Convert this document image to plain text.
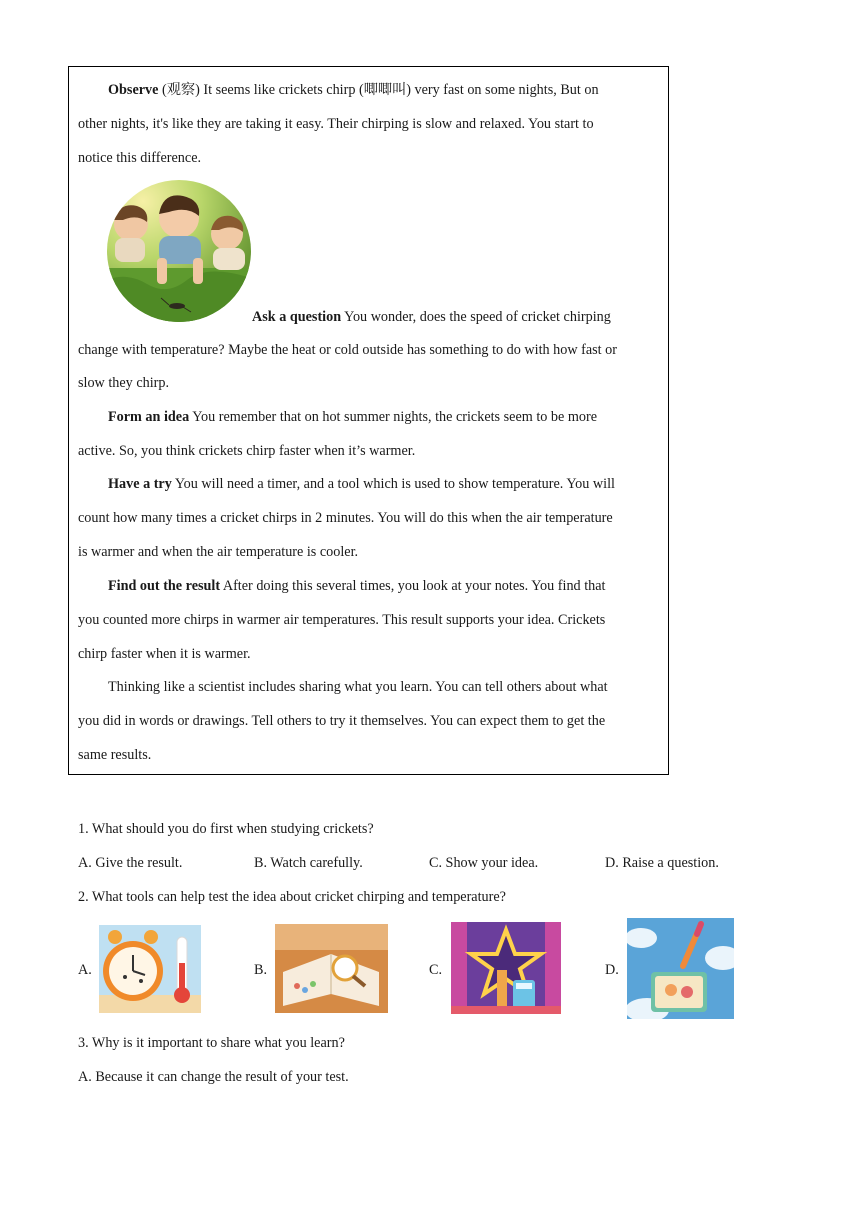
Observe (观察) It seems like crickets chirp (唧唧叫) very fast on some nights, But on
other nights, it's like they are taking it easy. Their chirping is slow and relaxed. You start to
notice this difference.
Ask a question You wonder, does the speed of cricket chirping
change with temperature? Maybe the heat or cold outside has something to do with how fast or
slow they chirp.
Form an idea You remember that on hot summer nights, the crickets seem to be more
active. So, you think crickets chirp faster when it’s warmer.
Have a try You will need a timer, and a tool which is used to show temperature. You will
count how many times a cricket chirps in 2 minutes. You will do this when the air temperature
is warmer and when the air temperature is cooler.
Find out the result After doing this several times, you look at your notes. You find that
you counted more chirps in warmer air temperatures. This result supports your idea. Crickets
chirp faster when it is warmer.
Thinking like a scientist includes sharing what you learn. You can tell others about what
you did in words or drawings. Tell others to try it themselves. You can expect them to get the
same results.
1. What should you do first when studying crickets?
A. Give the result.	B. Watch carefully.	C. Show your idea.	D. Raise a question.
2. What tools can help test the idea about cricket chirping and temperature?
A.	B.	C.	D.
3. Why is it important to share what you learn?
A. Because it can change the result of your test.
